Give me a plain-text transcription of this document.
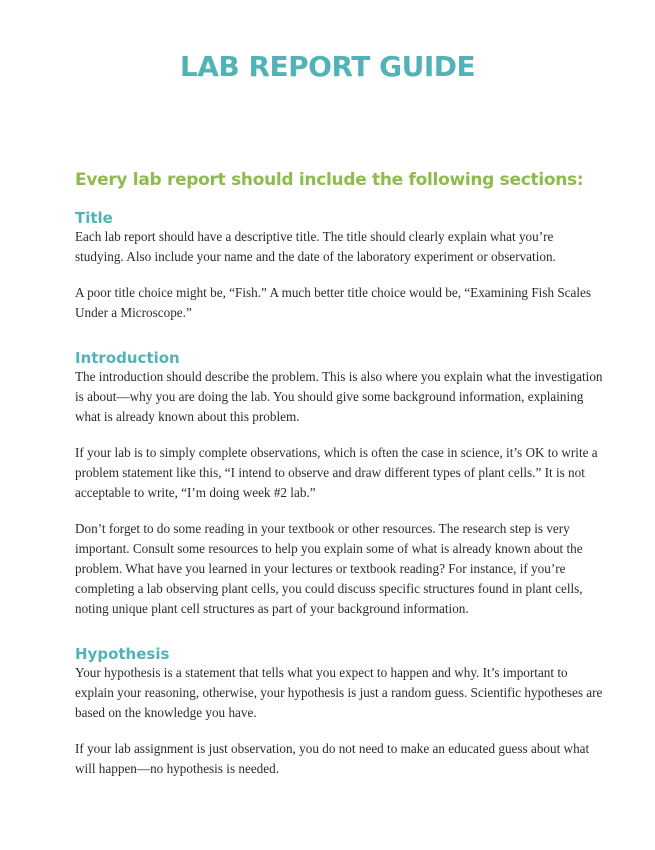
LAB REPORT GUIDE
Every lab report should include the following sections:
Title

Each lab report should have a descriptive title. The title should clearly explain what you’re studying. Also include your name and the date of the laboratory experiment or observation.

A poor title choice might be, “Fish.” A much better title choice would be, “Examining Fish Scales Under a Microscope.”

Introduction

The introduction should describe the problem. This is also where you explain what the investigation is about—why you are doing the lab. You should give some background information, explaining what is already known about this problem.

If your lab is to simply complete observations, which is often the case in science, it’s OK to write a problem statement like this, “I intend to observe and draw different types of plant cells.” It is not acceptable to write, “I’m doing week #2 lab.”

Don’t forget to do some reading in your textbook or other resources. The research step is very important. Consult some resources to help you explain some of what is already known about the problem. What have you learned in your lectures or textbook reading? For instance, if you’re completing a lab observing plant cells, you could discuss specific structures found in plant cells, noting unique plant cell structures as part of your background information.

Hypothesis

Your hypothesis is a statement that tells what you expect to happen and why. It’s important to explain your reasoning, otherwise, your hypothesis is just a random guess. Scientific hypotheses are based on the knowledge you have.

If your lab assignment is just observation, you do not need to make an educated guess about what will happen—no hypothesis is needed.
